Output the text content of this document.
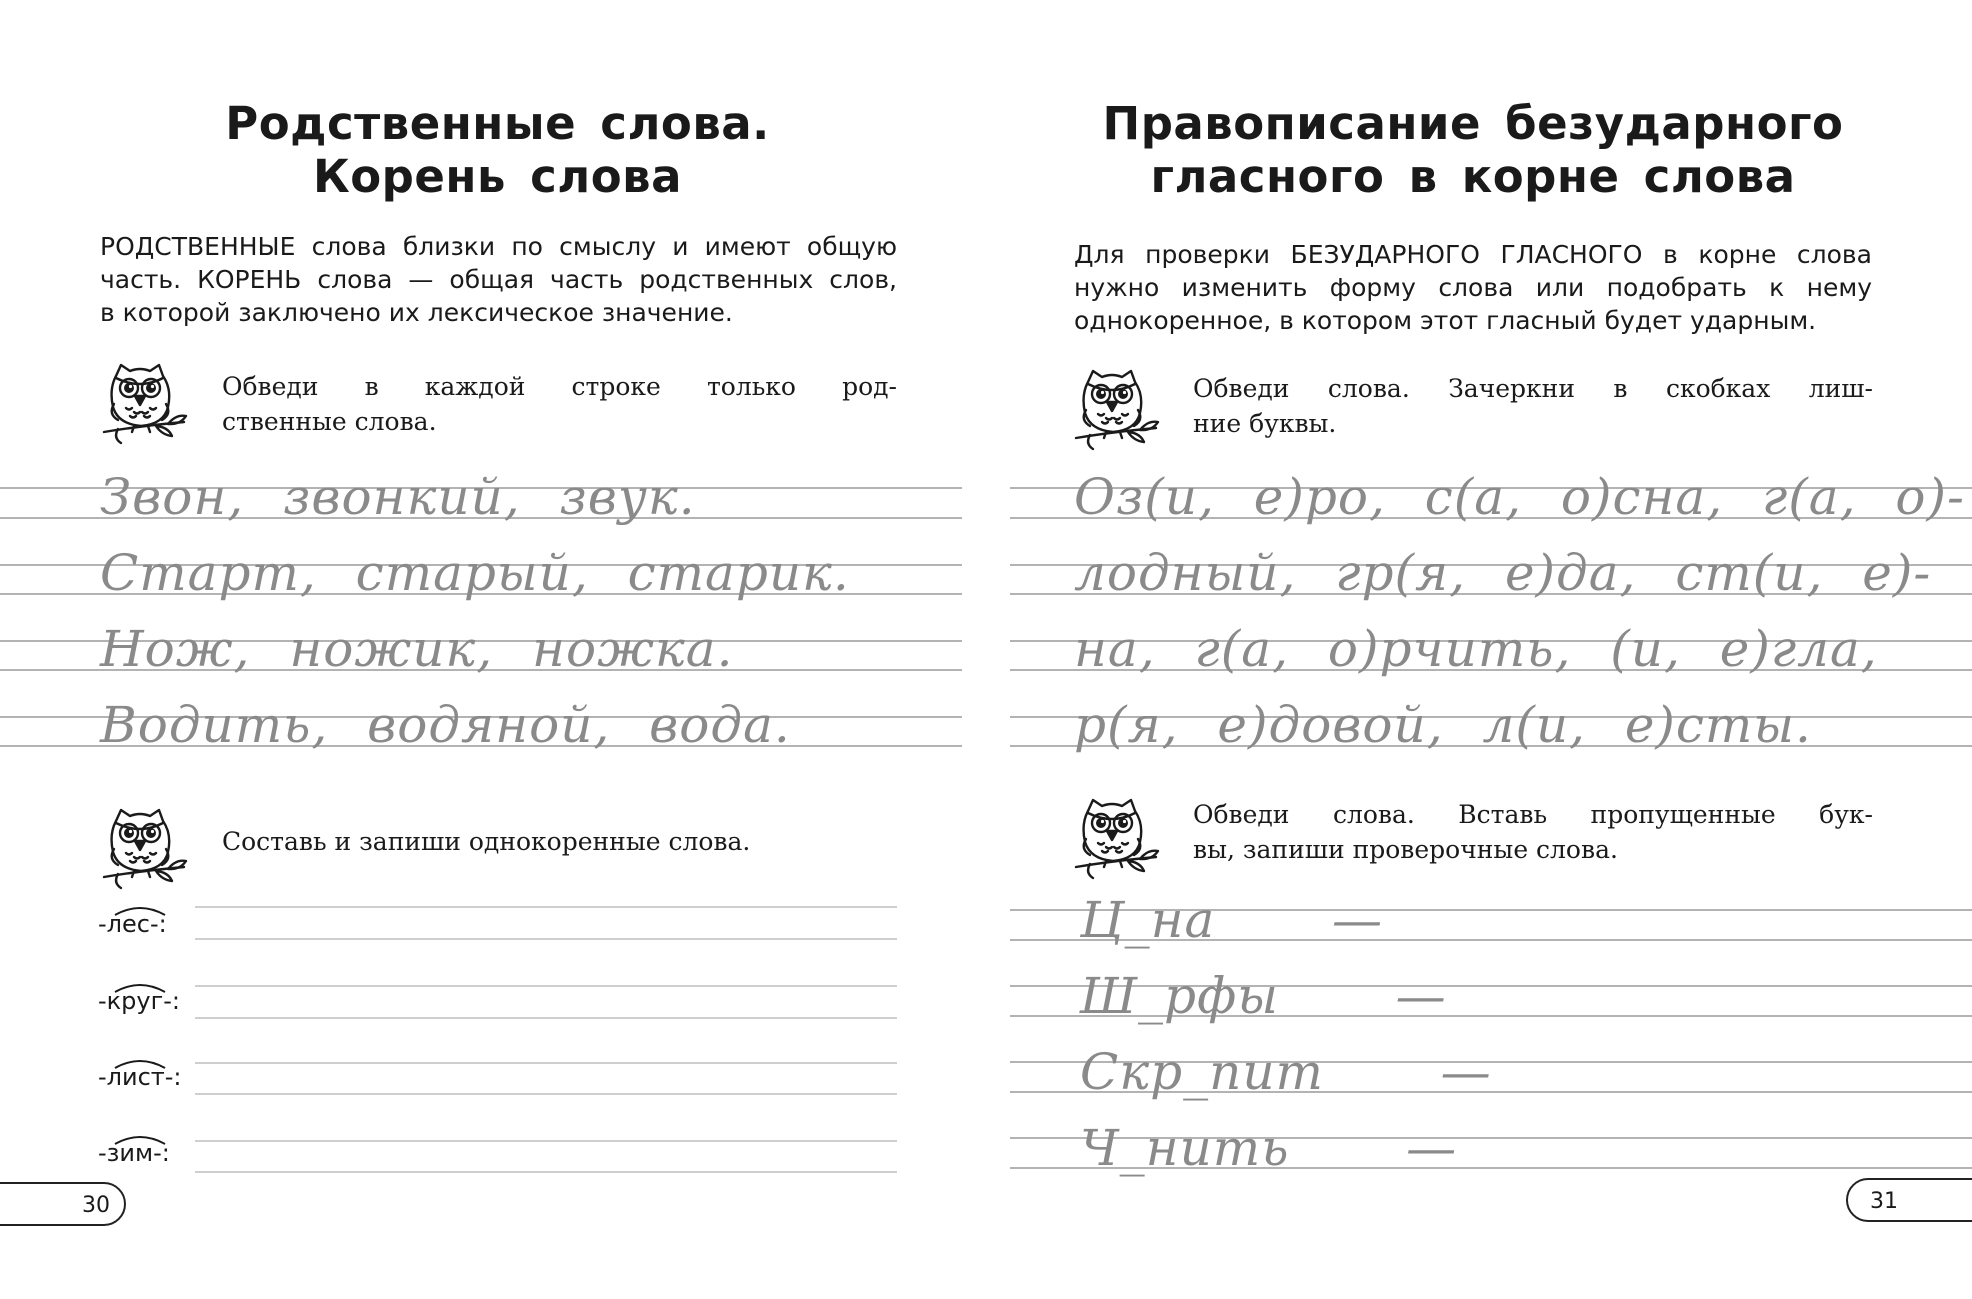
Родственные слова.
Корень слова
РОДСТВЕННЫЕ слова близки по смыслу и имеют общую
часть. КОРЕНЬ слова — общая часть родственных слов,
в которой заключено их лексическое значение.
Обведи в каждой строке только род-
ственные слова.
Звон, звонкий, звук.
Старт, старый, старик.
Нож, ножик, ножка.
Водить, водяной, вода.
Составь и запиши однокоренные слова.
-лес-:
-круг-:
-лист-:
-зим-:
30
Правописание безударного
гласного в корне слова
Для проверки БЕЗУДАРНОГО ГЛАСНОГО в корне слова
нужно изменить форму слова или подобрать к нему
однокоренное, в котором этот гласный будет ударным.
Обведи слова. Зачеркни в скобках лиш-
ние буквы.
Оз(и, е)ро, с(а, о)сна, г(а, о)-
лодный, гр(я, е)да, ст(и, е)-
на, г(а, о)рчить, (и, е)гла,
р(я, е)довой, л(и, е)сты.
Обведи слова. Вставь пропущенные бук-
вы, запиши проверочные слова.
Ц_на   —
Ш_рфы   —
Скр_пит   —
Ч_нить   —
31
